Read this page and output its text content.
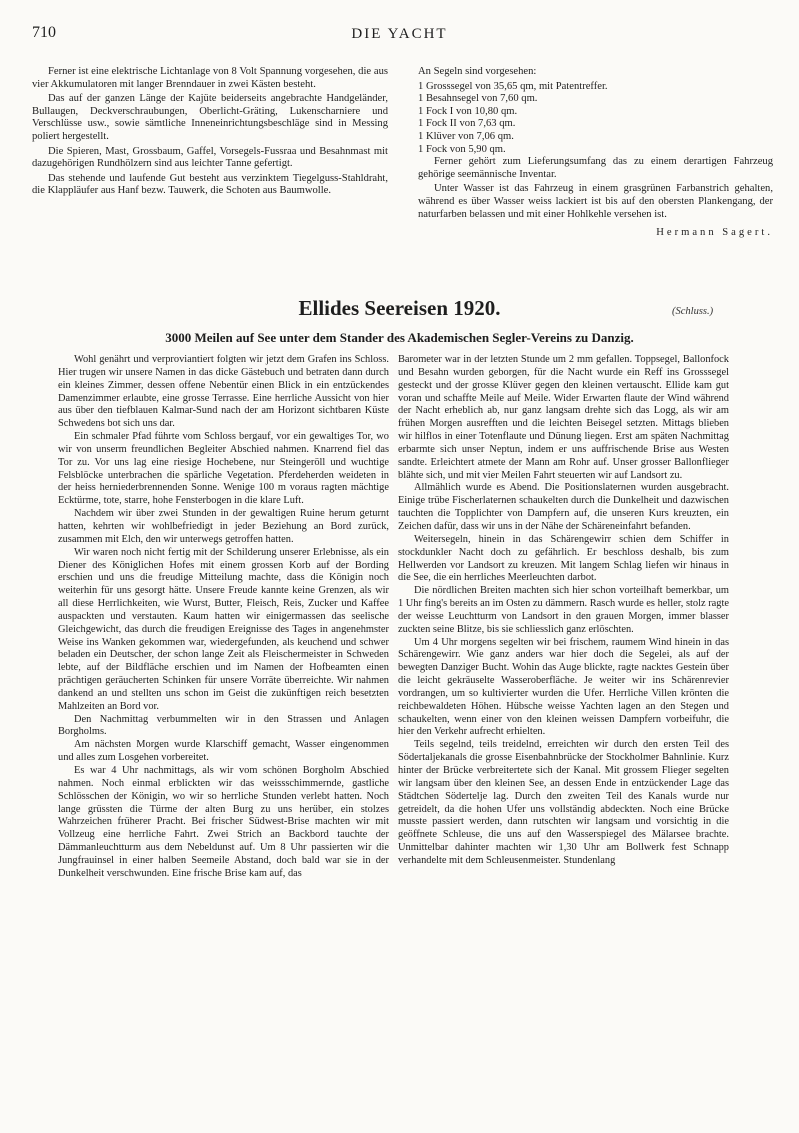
710	DIE YACHT

Ferner ist eine elektrische Lichtanlage von 8 Volt Spannung vorgesehen, die aus vier Akkumulatoren mit langer Brenndauer in zwei Kästen besteht.

Das auf der ganzen Länge der Kajüte beiderseits angebrachte Handgeländer, Bullaugen, Deckverschraubungen, Oberlicht-Gräting, Lukenscharniere und Verschlüsse usw., sowie sämtliche Inneneinrichtungsbeschläge sind in Messing poliert hergestellt.

Die Spieren, Mast, Grossbaum, Gaffel, Vorsegels-Fussraa und Besahnmast mit dazugehörigen Rundhölzern sind aus leichter Tanne gefertigt.

Das stehende und laufende Gut besteht aus verzinktem Tiegelguss-Stahldraht, die Klappläufer aus Hanf bezw. Tauwerk, die Schoten aus Baumwolle.

An Segeln sind vorgesehen:

1 Grosssegel von 35,65 qm, mit Patentreffer.
1 Besahnsegel von 7,60 qm.
1 Fock I von 10,80 qm.
1 Fock II von 7,63 qm.
1 Klüver von 7,06 qm.
1 Fock von 5,90 qm.

Ferner gehört zum Lieferungsumfang das zu einem derartigen Fahrzeug gehörige seemännische Inventar.

Unter Wasser ist das Fahrzeug in einem grasgrünen Farbanstrich gehalten, während es über Wasser weiss lackiert ist bis auf den obersten Plankengang, der naturfarben belassen und mit einer Hohlkehle versehen ist.

Hermann Sagert.
Ellides Seereisen 1920.	(Schluss.)
3000 Meilen auf See unter dem Stander des Akademischen Segler-Vereins zu Danzig.

Wohl genährt und verproviantiert folgten wir jetzt dem Grafen ins Schloss. Hier trugen wir unsere Namen in das dicke Gästebuch und betraten dann durch ein kleines Zimmer, dessen offene Nebentür einen Blick in ein entzückendes Damenzimmer erlaubte, eine grosse Terrasse. Eine herrliche Aussicht von hier aus über den tiefblauen Kalmar-Sund nach der am Horizont sichtbaren Küste Schwedens bot sich uns dar.

Ein schmaler Pfad führte vom Schloss bergauf, vor ein gewaltiges Tor, wo wir von unserm freundlichen Begleiter Abschied nahmen. Knarrend fiel das Tor zu. Vor uns lag eine riesige Hochebene, nur Steingeröll und wuchtige Felsblöcke unterbrachen die spärliche Vegetation. Pferdeherden weideten in der heiss herniederbrennenden Sonne. Wenige 100 m voraus ragten mächtige Ecktürme, tote, starre, hohe Fensterbogen in die klare Luft.

Nachdem wir über zwei Stunden in der gewaltigen Ruine herum geturnt hatten, kehrten wir wohlbefriedigt in jeder Beziehung an Bord zurück, zusammen mit Elch, den wir unterwegs getroffen hatten.

Wir waren noch nicht fertig mit der Schilderung unserer Erlebnisse, als ein Diener des Königlichen Hofes mit einem grossen Korb auf der Bording erschien und uns die freudige Mitteilung machte, dass die Königin noch weiterhin für uns gesorgt hätte. Unsere Freude kannte keine Grenzen, als wir all diese Herrlichkeiten, wie Wurst, Butter, Fleisch, Reis, Zucker und Kaffee auspackten und verstauten. Kaum hatten wir einigermassen das seelische Gleichgewicht, das durch die freudigen Ereignisse des Tages in angenehmster Weise ins Wanken gekommen war, wiedergefunden, als keuchend und schwer beladen ein Deutscher, der schon lange Zeit als Fleischermeister in Schweden lebte, auf der Bildfläche erschien und im Namen der Hofbeamten einen prächtigen geräucherten Schinken für unsere Vorräte überreichte. Wir nahmen dankend an und stellten uns schon im Geist die zukünftigen reich besetzten Mahlzeiten an Bord vor.

Den Nachmittag verbummelten wir in den Strassen und Anlagen Borgholms.

Am nächsten Morgen wurde Klarschiff gemacht, Wasser eingenommen und alles zum Losgehen vorbereitet.

Es war 4 Uhr nachmittags, als wir vom schönen Borgholm Abschied nahmen. Noch einmal erblickten wir das weissschimmernde, gastliche Schlösschen der Königin, wo wir so herrliche Stunden verlebt hatten. Noch lange grüssten die Türme der alten Burg zu uns herüber, ein stolzes Wahrzeichen früherer Pracht. Bei frischer Südwest-Brise machten wir mit Vollzeug eine herrliche Fahrt. Zwei Strich an Backbord tauchte der Dämmanleuchtturm aus dem Nebeldunst auf. Um 8 Uhr passierten wir die Jungfrauinsel in einer halben Seemeile Abstand, doch bald war sie in der Dunkelheit verschwunden. Eine frische Brise kam auf, das

Barometer war in der letzten Stunde um 2 mm gefallen. Toppsegel, Ballonfock und Besahn wurden geborgen, für die Nacht wurde ein Reff ins Grosssegel gesteckt und der grosse Klüver gegen den kleinen vertauscht. Ellide kam gut voran und schaffte Meile auf Meile. Wider Erwarten flaute der Wind während der Nacht erheblich ab, nur ganz langsam drehte sich das Logg, als wir am frühen Morgen ausrefften und die leichten Beisegel setzten. Mittags blieben wir hilflos in einer Totenflaute und Dünung liegen. Erst am späten Nachmittag erbarmte sich unser Neptun, indem er uns auffrischende Brise aus Westen sandte. Erleichtert atmete der Mann am Rohr auf. Unser grosser Ballonflieger blähte sich, und mit vier Meilen Fahrt steuerten wir auf Landsort zu.

Allmählich wurde es Abend. Die Positionslaternen wurden ausgebracht. Einige trübe Fischerlaternen schaukelten durch die Dunkelheit und dazwischen tauchten die Topplichter von Dampfern auf, die unseren Kurs kreuzten, ein Zeichen dafür, dass wir uns in der Nähe der Schäreneinfahrt befanden.

Weitersegeln, hinein in das Schärengewirr schien dem Schiffer in stockdunkler Nacht doch zu gefährlich. Er beschloss deshalb, bis zum Hellwerden vor Landsort zu kreuzen. Mit langem Schlag liefen wir hinaus in die See, die ein herrliches Meerleuchten darbot.

Die nördlichen Breiten machten sich hier schon vorteilhaft bemerkbar, um 1 Uhr fing's bereits an im Osten zu dämmern. Rasch wurde es heller, stolz ragte der weisse Leuchtturm von Landsort in den grauen Morgen, immer blasser zuckten seine Blitze, bis sie schliesslich ganz erlöschten.

Um 4 Uhr morgens segelten wir bei frischem, raumem Wind hinein in das Schärengewirr. Wie ganz anders war hier doch die Segelei, als auf der bewegten Danziger Bucht. Wohin das Auge blickte, ragte nacktes Gestein über die leicht gekräuselte Wasseroberfläche. Je weiter wir ins Schärenrevier vordrangen, um so kultivierter wurden die Ufer. Herrliche Villen krönten die reichbewaldeten Höhen. Hübsche weisse Yachten lagen an den Stegen und schaukelten, wenn einer von den kleinen weissen Dampfern vorbeifuhr, die hier den Verkehr aufrecht erhielten.

Teils segelnd, teils treidelnd, erreichten wir durch den ersten Teil des Södertaljekanals die grosse Eisenbahnbrücke der Stockholmer Bahnlinie. Kurz hinter der Brücke verbreitertete sich der Kanal. Mit grossem Flieger segelten wir langsam über den kleinen See, an dessen Ende in entzückender Lage das Städtchen Södertelje lag. Durch den zweiten Teil des Kanals wurde nur getreidelt, da die hohen Ufer uns vollständig abdeckten. Noch eine Brücke musste passiert werden, dann rutschten wir langsam und vorsichtig in die geöffnete Schleuse, die uns auf den Wasserspiegel des Mälarsee brachte. Unmittelbar dahinter machten wir 1,30 Uhr am Bollwerk fest Schnapp verhandelte mit dem Schleusenmeister. Stundenlang
